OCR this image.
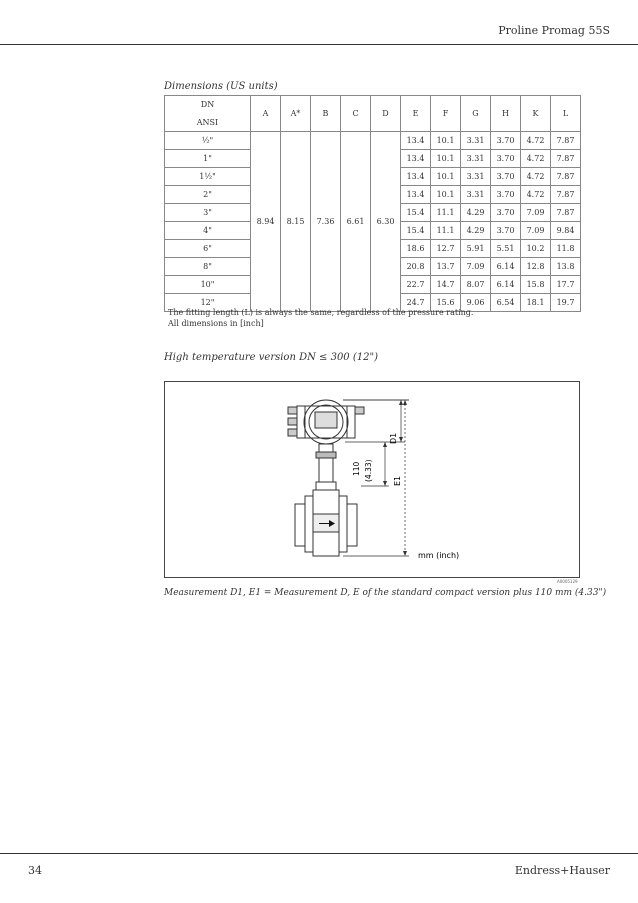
Proline Promag 55S
Dimensions (US units)
DN	A	A*	B	C	D	E	F	G	H	K	L
ANSI											
½"	8.94	8.15	7.36	6.61	6.30	13.4	10.1	3.31	3.70	4.72	7.87
1"						13.4	10.1	3.31	3.70	4.72	7.87
1½"						13.4	10.1	3.31	3.70	4.72	7.87
2"						13.4	10.1	3.31	3.70	4.72	7.87
3"						15.4	11.1	4.29	3.70	7.09	7.87
4"						15.4	11.1	4.29	3.70	7.09	9.84
6"						18.6	12.7	5.91	5.51	10.2	11.8
8"						20.8	13.7	7.09	6.14	12.8	13.8
10"						22.7	14.7	8.07	6.14	15.8	17.7
12"						24.7	15.6	9.06	6.54	18.1	19.7
The fitting length (L) is always the same, regardless of the pressure rating.
All dimensions in [inch]
High temperature version DN ≤ 300 (12")
D1
E1
110 (4.33)
mm (inch)
A0005129
Measurement D1, E1 = Measurement D, E of the standard compact version plus 110 mm (4.33")
34	Endress+Hauser
